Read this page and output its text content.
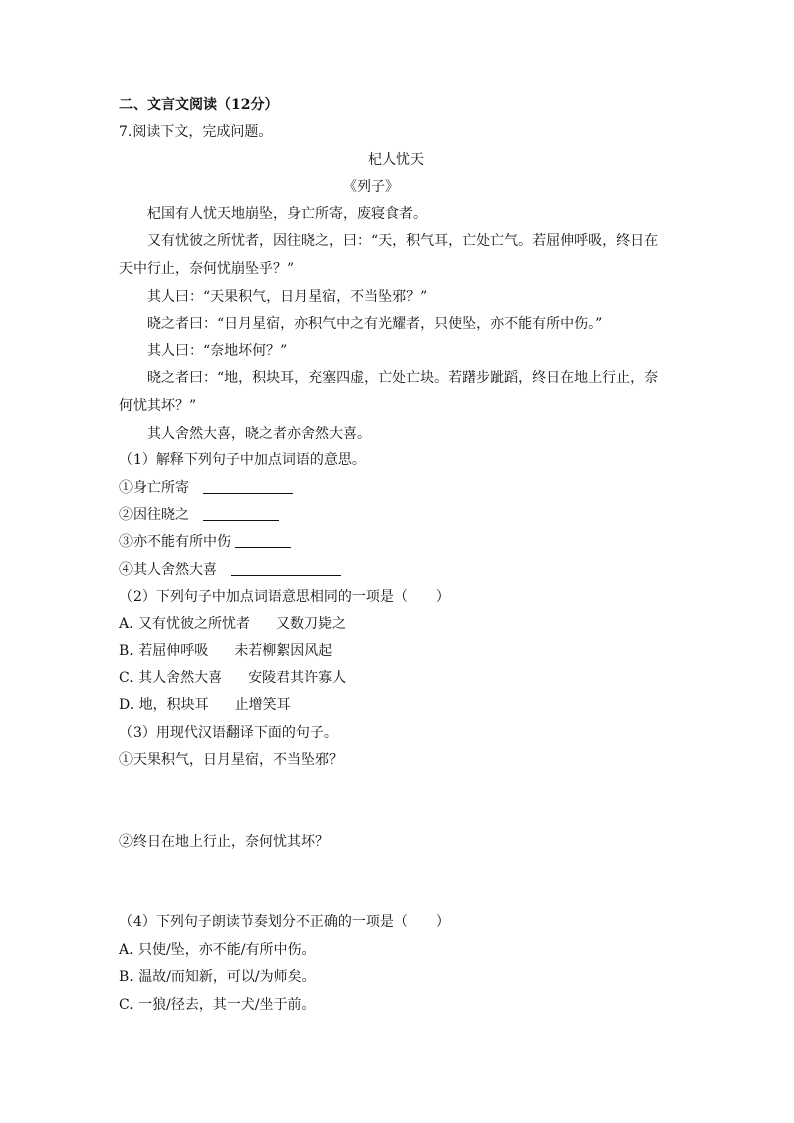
二、文言文阅读（12分）
7.阅读下文，完成问题。
杞人忧天
《列子》
杞国有人忧天地崩坠，身亡所寄，废寝食者。
又有忧彼之所忧者，因往晓之，曰：“天，积气耳，亡处亡气。若屈伸呼吸，终日在
天中行止，奈何忧崩坠乎？”
其人曰：“天果积气，日月星宿，不当坠邪？”
晓之者曰：“日月星宿，亦积气中之有光耀者，只使坠，亦不能有所中伤。”
其人曰：“奈地坏何？”
晓之者曰：“地，积块耳，充塞四虚，亡处亡块。若躇步跐蹈，终日在地上行止，奈
何忧其坏？”
其人舍然大喜，晓之者亦舍然大喜。
（1）解释下列句子中加点词语的意思。
①身亡所寄
②因往晓之
③亦不能有所中伤
④其人舍然大喜
（2）下列句子中加点词语意思相同的一项是（　　）
A. 又有忧彼之所忧者 又数刀毙之
B. 若屈伸呼吸 未若柳絮因风起
C. 其人舍然大喜 安陵君其许寡人
D. 地，积块耳 止增笑耳
（3）用现代汉语翻译下面的句子。
①天果积气，日月星宿，不当坠邪？
②终日在地上行止，奈何忧其坏？
（4）下列句子朗读节奏划分不正确的一项是（　　）
A. 只使/坠，亦不能/有所中伤。
B. 温故/而知新，可以/为师矣。
C. 一狼/径去，其一犬/坐于前。
